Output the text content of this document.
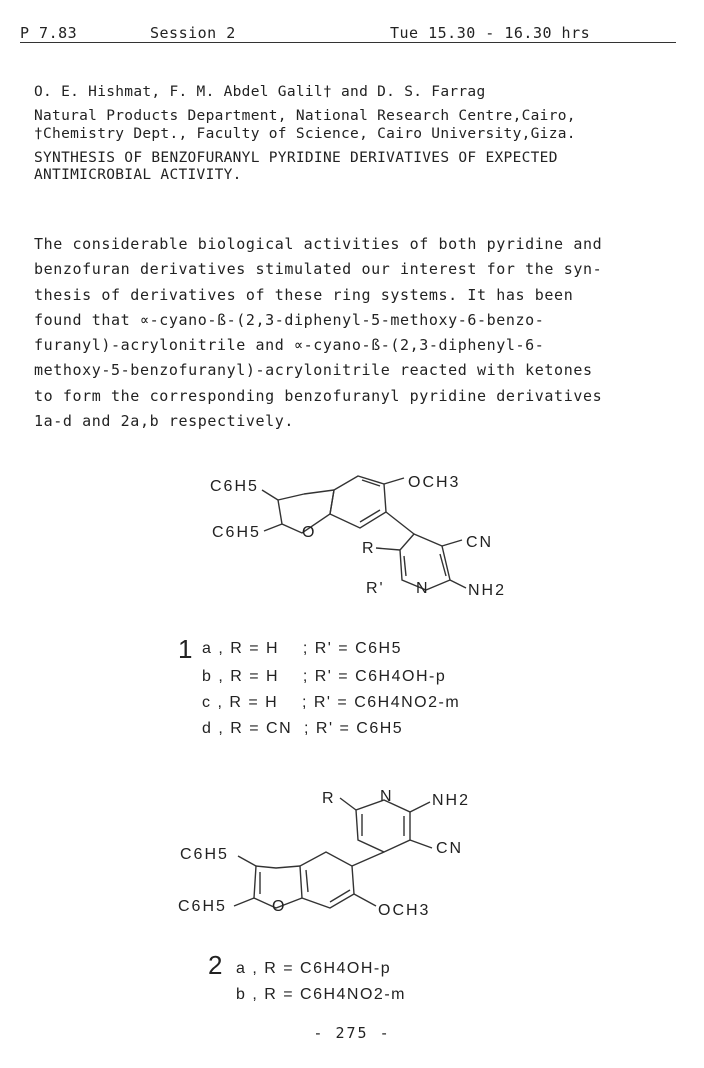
P 7.83	Session 2	Tue 15.30 - 16.30 hrs
O. E. Hishmat, F. M. Abdel Galil† and D. S. Farrag
Natural Products Department, National Research Centre,Cairo,
†Chemistry Dept., Faculty of Science, Cairo University,Giza.
SYNTHESIS OF BENZOFURANYL PYRIDINE DERIVATIVES OF EXPECTED
ANTIMICROBIAL ACTIVITY.
The considerable biological activities of both pyridine and
benzofuran derivatives stimulated our interest for the syn-
thesis of derivatives of these ring systems. It has been
found that ∝-cyano-ß-(2,3-diphenyl-5-methoxy-6-benzo-
furanyl)-acrylonitrile and ∝-cyano-ß-(2,3-diphenyl-6-
methoxy-5-benzofuranyl)-acrylonitrile reacted with ketones
to form the corresponding benzofuranyl pyridine derivatives
1a-d and 2a,b respectively.
C6H5
C6H5	O
OCH3
R	CN
R' N NH2
1 a , R = H    ; R' = C6H5
b , R = H    ; R' = C6H4OH-p
c , R = H    ; R' = C6H4NO2-m
d , R = CN  ; R' = C6H5
R	N NH2
CN
C6H5
C6H5	O	OCH3
2 a , R = C6H4OH-p
b , R = C6H4NO2-m
- 275 -
